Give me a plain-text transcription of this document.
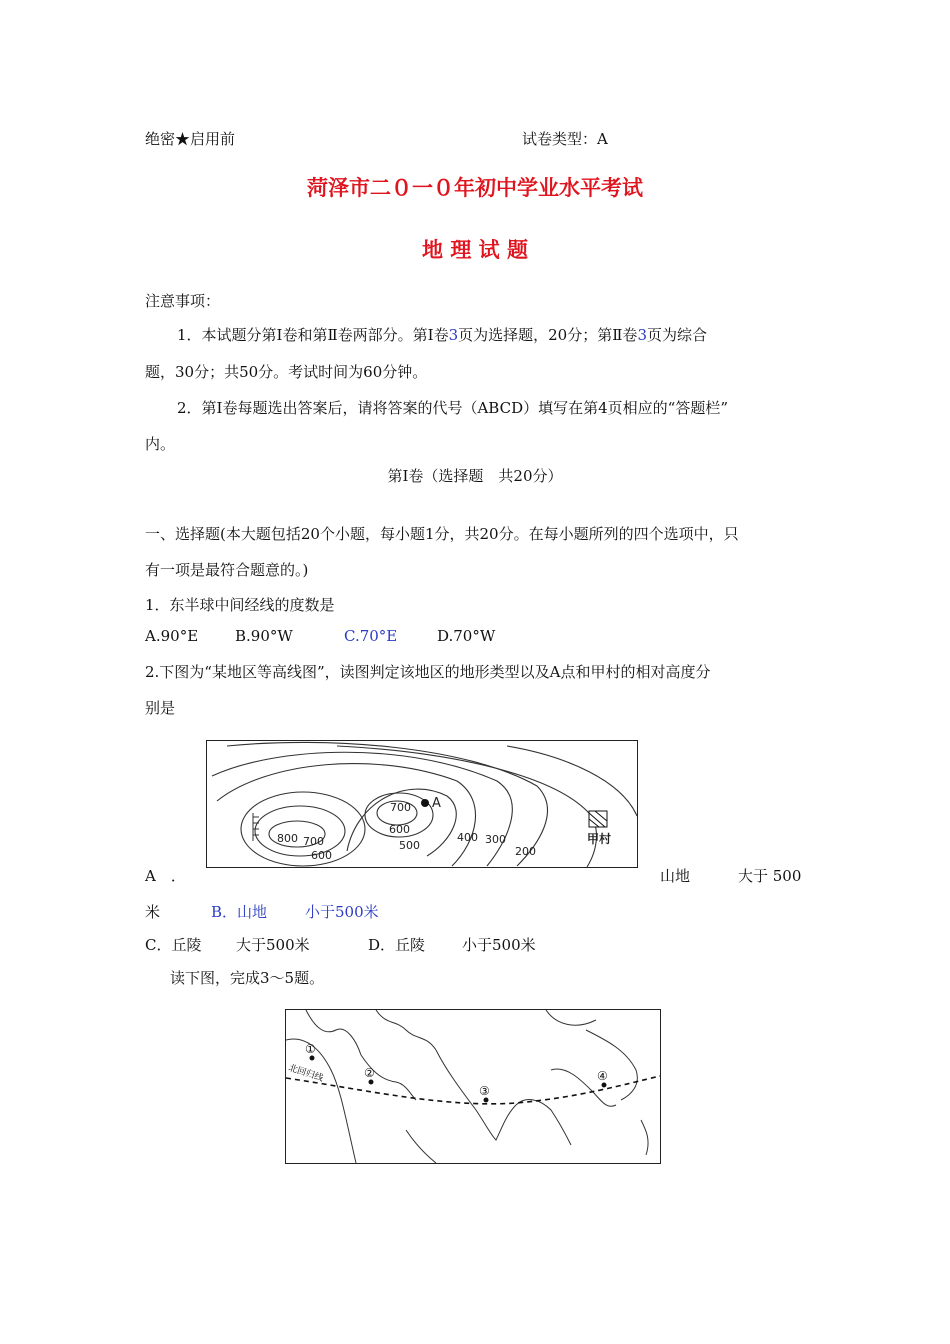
绝密★启用前	试卷类型：A
菏泽市二０一０年初中学业水平考试
地 理 试 题
注意事项：
1．本试题分第Ⅰ卷和第Ⅱ卷两部分。第Ⅰ卷3页为选择题，20分；第Ⅱ卷3页为综合
题，30分；共50分。考试时间为60分钟。
2．第Ⅰ卷每题选出答案后，请将答案的代号（ABCD）填写在第4页相应的“答题栏”
内。
第Ⅰ卷（选择题　共20分）
一、选择题(本大题包括20个小题，每小题1分，共20分。在每小题所列的四个选项中，只
有一项是最符合题意的。)
1．东半球中间经线的度数是
A.90°E B.90°W	C.70°E	D.70°W
2.下图为“某地区等高线图”，读图判定该地区的地形类型以及A点和甲村的相对高度分
别是
800
700
600
500
700
600
400 300
200
A
甲村
A　．	山地	大于 500
米	B．山地	小于500米
C．丘陵 大于500米	D．丘陵 小于500米
读下图，完成3～5题。
①
②
③
④
北回归线
